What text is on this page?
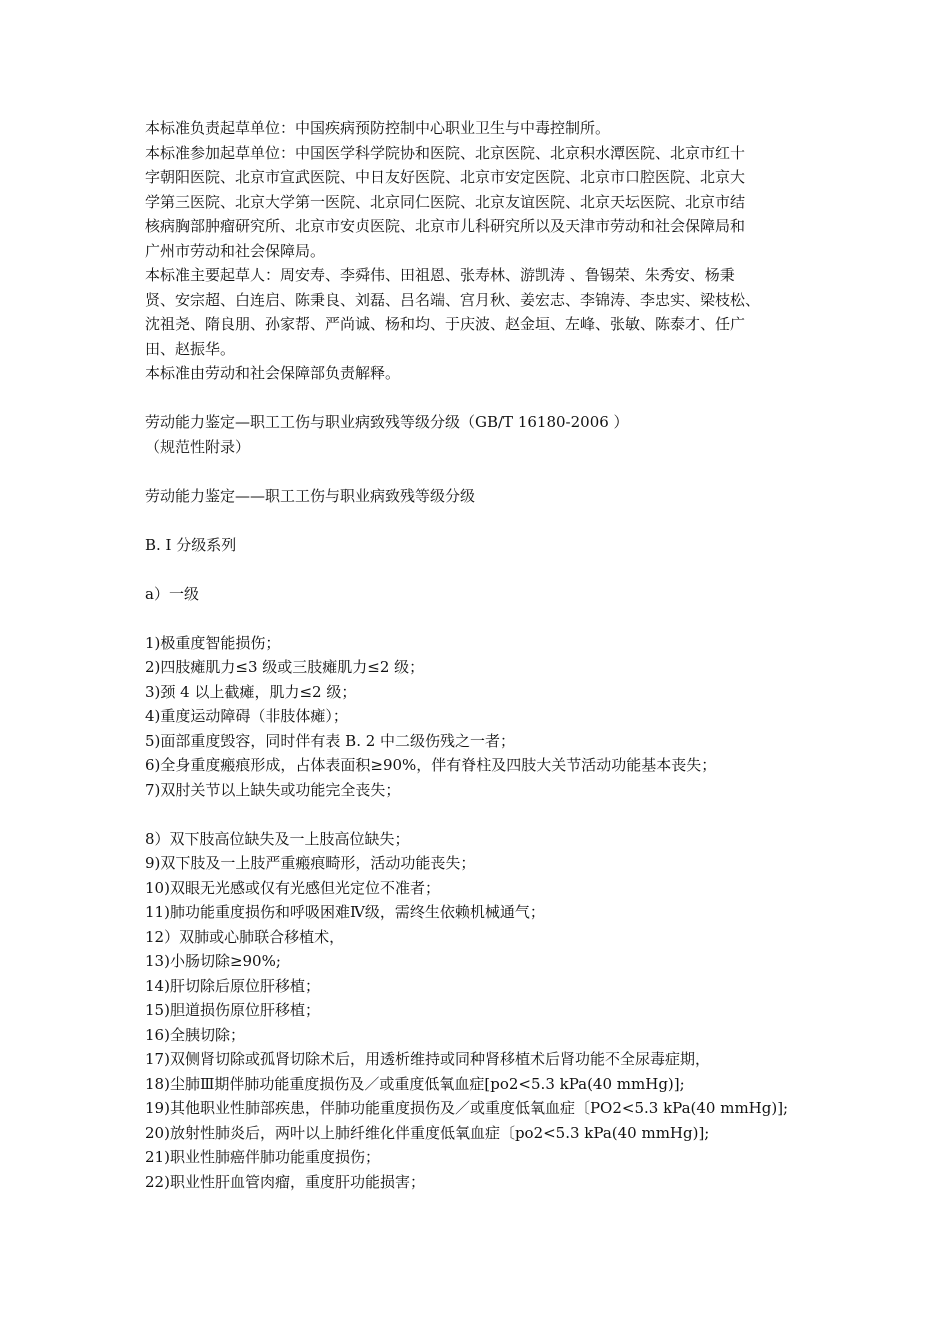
本标准负责起草单位：中国疾病预防控制中心职业卫生与中毒控制所。
本标准参加起草单位：中国医学科学院协和医院、北京医院、北京积水潭医院、北京市红十
字朝阳医院、北京市宣武医院、中日友好医院、北京市安定医院、北京市口腔医院、北京大
学第三医院、北京大学第一医院、北京同仁医院、北京友谊医院、北京天坛医院、北京市结
核病胸部肿瘤研究所、北京市安贞医院、北京市儿科研究所以及天津市劳动和社会保障局和
广州市劳动和社会保障局。
本标准主要起草人：周安寿、李舜伟、田祖恩、张寿林、游凯涛 、鲁锡荣、朱秀安、杨秉
贤、安宗超、白连启、陈秉良、刘磊、吕名端、宫月秋、姜宏志、李锦涛、李忠实、梁枝松、
沈祖尧、隋良朋、孙家帮、严尚诚、杨和均、于庆波、赵金垣、左峰、张敏、陈泰才、任广
田、赵振华。
本标准由劳动和社会保障部负责解释。
劳动能力鉴定—职工工伤与职业病致残等级分级（GB/T 16180-2006 ）
（规范性附录）
劳动能力鉴定——职工工伤与职业病致残等级分级
B. I 分级系列
a）一级
1)极重度智能损伤；
2)四肢瘫肌力≤3 级或三肢瘫肌力≤2 级；
3)颈 4 以上截瘫，肌力≤2 级；
4)重度运动障碍（非肢体瘫）；
5)面部重度毁容，同时伴有表 B. 2 中二级伤残之一者；
6)全身重度瘢痕形成，占体表面积≥90%，伴有脊柱及四肢大关节活动功能基本丧失；
7)双肘关节以上缺失或功能完全丧失；
8）双下肢高位缺失及一上肢高位缺失；
9)双下肢及一上肢严重瘢痕畸形，活动功能丧失；
10)双眼无光感或仅有光感但光定位不准者；
11)肺功能重度损伤和呼吸困难Ⅳ级，需终生依赖机械通气；
12）双肺或心肺联合移植术，
13)小肠切除≥90%;
14)肝切除后原位肝移植；
15)胆道损伤原位肝移植；
16)全胰切除；
17)双侧肾切除或孤肾切除术后，用透析维持或同种肾移植术后肾功能不全尿毒症期，
18)尘肺Ⅲ期伴肺功能重度损伤及／或重度低氧血症[po2<5.3 kPa(40 mmHg)];
19)其他职业性肺部疾患，伴肺功能重度损伤及／或重度低氧血症〔PO2<5.3 kPa(40 mmHg)];
20)放射性肺炎后，两叶以上肺纤维化伴重度低氧血症〔po2<5.3 kPa(40 mmHg)];
21)职业性肺癌伴肺功能重度损伤；
22)职业性肝血管肉瘤，重度肝功能损害；
